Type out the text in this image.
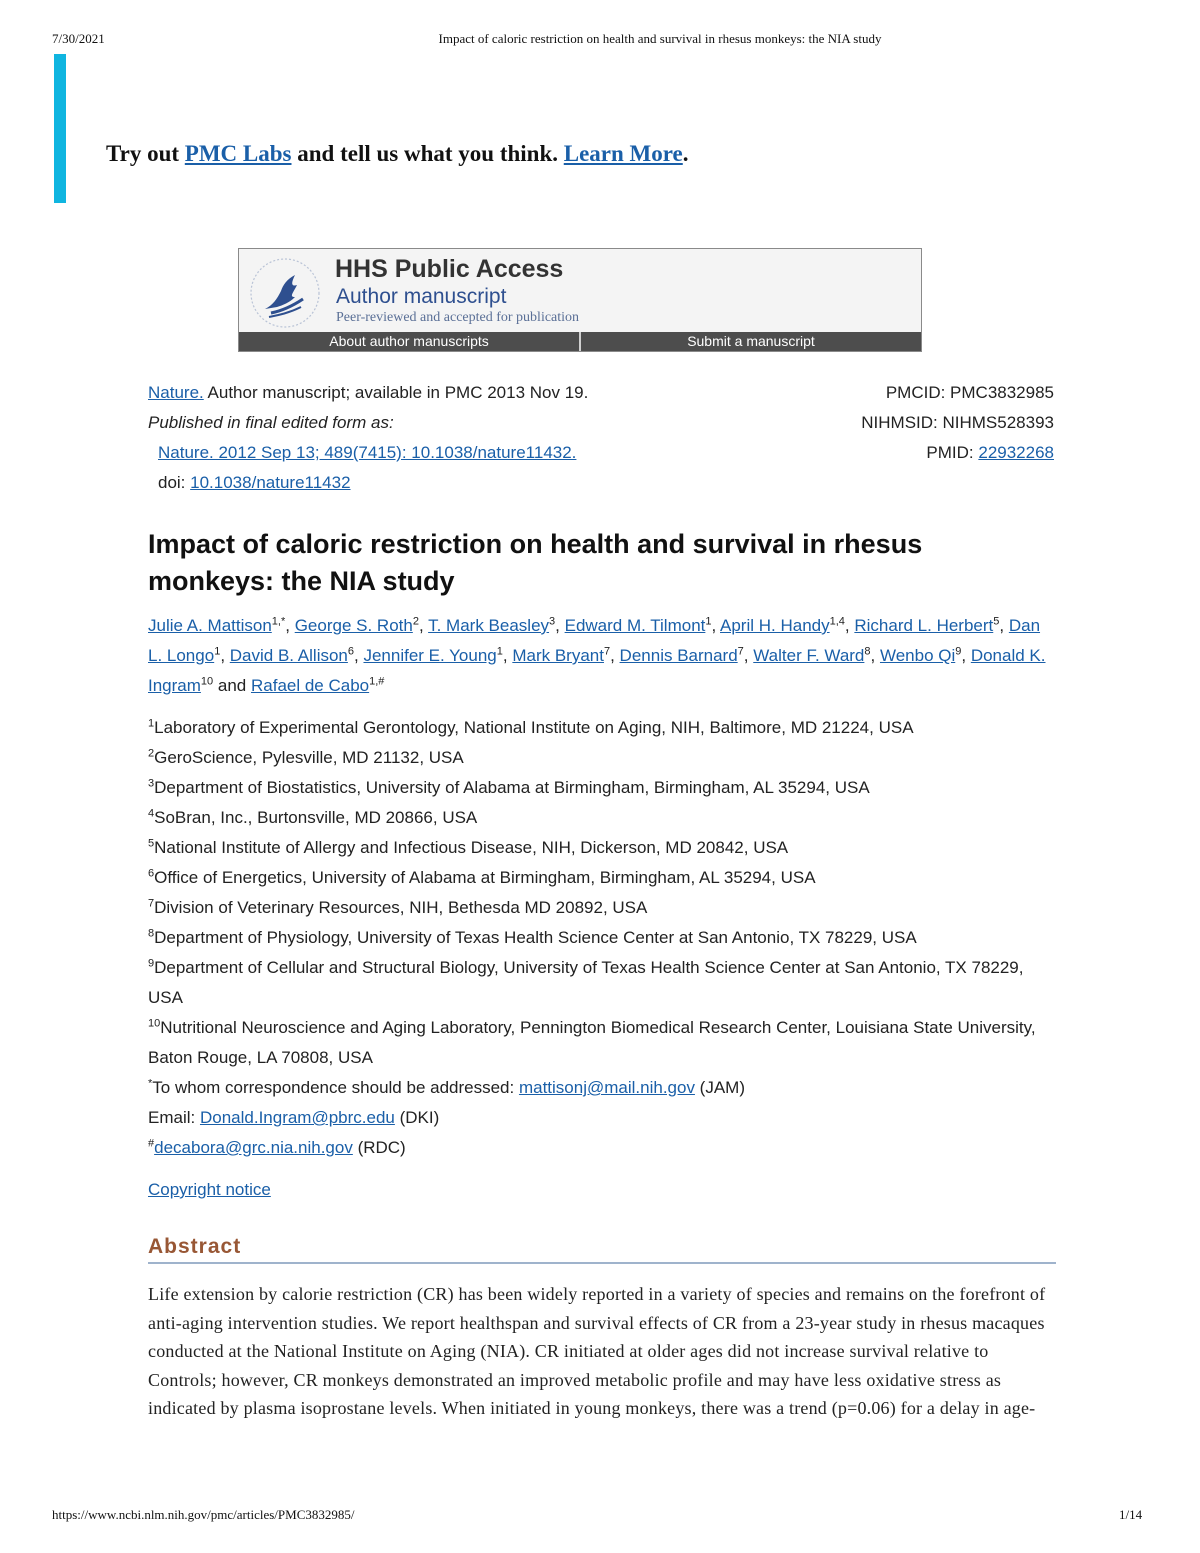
7/30/2021	Impact of caloric restriction on health and survival in rhesus monkeys: the NIA study
Try out PMC Labs and tell us what you think. Learn More.
HHS Public Access
Author manuscript
Peer-reviewed and accepted for publication
About author manuscripts	Submit a manuscript
Nature. Author manuscript; available in PMC 2013 Nov 19.
Published in final edited form as:
Nature. 2012 Sep 13; 489(7415): 10.1038/nature11432.
doi: 10.1038/nature11432
PMCID: PMC3832985
NIHMSID: NIHMS528393
PMID: 22932268
Impact of caloric restriction on health and survival in rhesus monkeys: the NIA study
Julie A. Mattison$^{1,*}$, George S. Roth$^2$, T. Mark Beasley$^3$, Edward M. Tilmont$^1$, April H. Handy$^{1,4}$, Richard L. Herbert$^5$, Dan L. Longo$^1$, David B. Allison$^6$, Jennifer E. Young$^1$, Mark Bryant$^7$, Dennis Barnard$^7$, Walter F. Ward$^8$, Wenbo Qi$^9$, Donald K. Ingram$^{10}$ and Rafael de Cabo$^{1,\#}$
$^1$Laboratory of Experimental Gerontology, National Institute on Aging, NIH, Baltimore, MD 21224, USA
$^2$GeroScience, Pylesville, MD 21132, USA
$^3$Department of Biostatistics, University of Alabama at Birmingham, Birmingham, AL 35294, USA
$^4$SoBran, Inc., Burtonsville, MD 20866, USA
$^5$National Institute of Allergy and Infectious Disease, NIH, Dickerson, MD 20842, USA
$^6$Office of Energetics, University of Alabama at Birmingham, Birmingham, AL 35294, USA
$^7$Division of Veterinary Resources, NIH, Bethesda MD 20892, USA
$^8$Department of Physiology, University of Texas Health Science Center at San Antonio, TX 78229, USA
$^9$Department of Cellular and Structural Biology, University of Texas Health Science Center at San Antonio, TX 78229, USA
$^{10}$Nutritional Neuroscience and Aging Laboratory, Pennington Biomedical Research Center, Louisiana State University, Baton Rouge, LA 70808, USA
*To whom correspondence should be addressed: mattisonj@mail.nih.gov (JAM)
Email: Donald.Ingram@pbrc.edu (DKI)
#decabora@grc.nia.nih.gov (RDC)
Copyright notice
Abstract

Life extension by calorie restriction (CR) has been widely reported in a variety of species and remains on the forefront of anti-aging intervention studies. We report healthspan and survival effects of CR from a 23-year study in rhesus macaques conducted at the National Institute on Aging (NIA). CR initiated at older ages did not increase survival relative to Controls; however, CR monkeys demonstrated an improved metabolic profile and may have less oxidative stress as indicated by plasma isoprostane levels. When initiated in young monkeys, there was a trend (p=0.06) for a delay in age-

https://www.ncbi.nlm.nih.gov/pmc/articles/PMC3832985/	1/14
